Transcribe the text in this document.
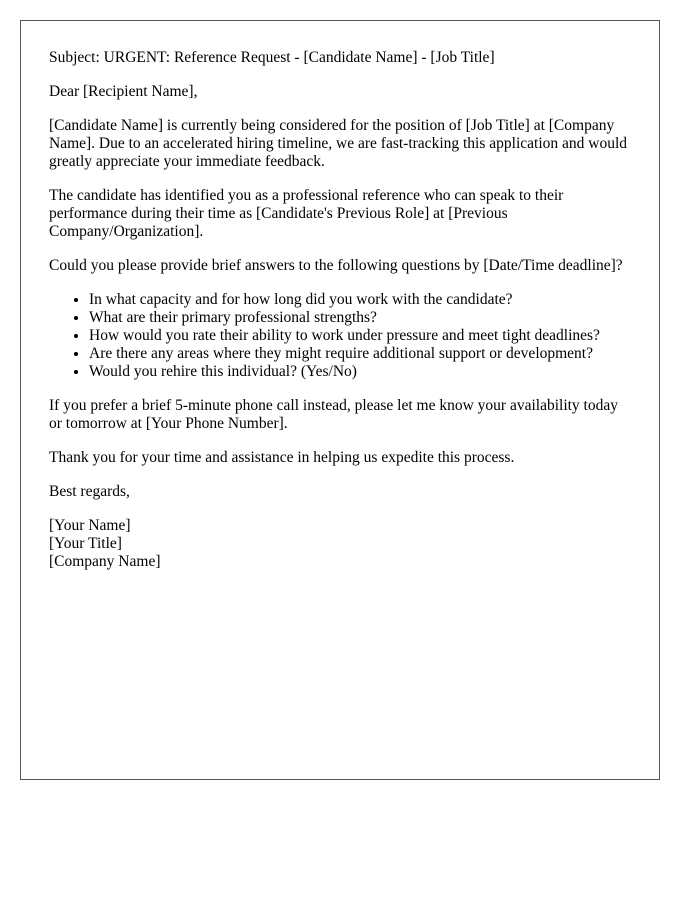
Subject: URGENT: Reference Request - [Candidate Name] - [Job Title]

Dear [Recipient Name],

[Candidate Name] is currently being considered for the position of [Job Title] at [Company Name]. Due to an accelerated hiring timeline, we are fast-tracking this application and would greatly appreciate your immediate feedback.

The candidate has identified you as a professional reference who can speak to their performance during their time as [Candidate's Previous Role] at [Previous Company/Organization].

Could you please provide brief answers to the following questions by [Date/Time deadline]?

• In what capacity and for how long did you work with the candidate?
• What are their primary professional strengths?
• How would you rate their ability to work under pressure and meet tight deadlines?
• Are there any areas where they might require additional support or development?
• Would you rehire this individual? (Yes/No)

If you prefer a brief 5-minute phone call instead, please let me know your availability today or tomorrow at [Your Phone Number].

Thank you for your time and assistance in helping us expedite this process.

Best regards,

[Your Name]

[Your Title]

[Company Name]
